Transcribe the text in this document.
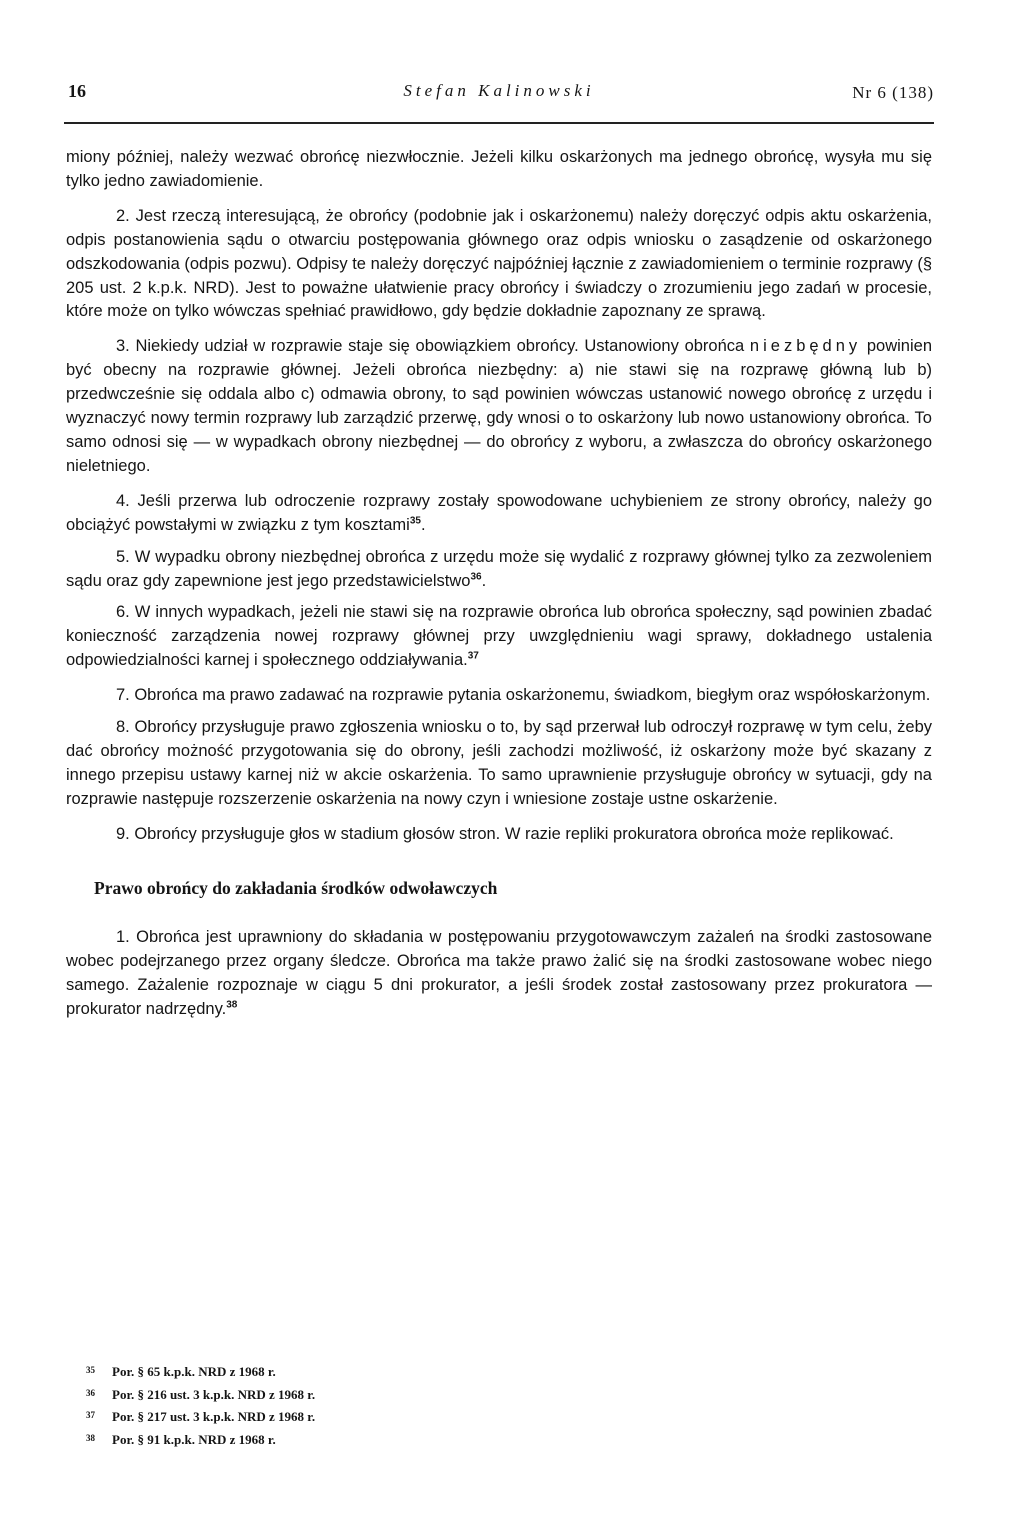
16	Stefan Kalinowski	Nr 6 (138)

miony później, należy wezwać obrońcę niezwłocznie. Jeżeli kilku oskarżonych ma jednego obrońcę, wysyła mu się tylko jedno zawiadomienie.

2. Jest rzeczą interesującą, że obrońcy (podobnie jak i oskarżonemu) należy doręczyć odpis aktu oskarżenia, odpis postanowienia sądu o otwarciu postępowania głównego oraz odpis wniosku o zasądzenie od oskarżonego odszkodowania (odpis pozwu). Odpisy te należy doręczyć najpóźniej łącznie z zawiadomieniem o terminie rozprawy (§ 205 ust. 2 k.p.k. NRD). Jest to poważne ułatwienie pracy obrońcy i świadczy o zrozumieniu jego zadań w procesie, które może on tylko wówczas spełniać prawidłowo, gdy będzie dokładnie zapoznany ze sprawą.

3. Niekiedy udział w rozprawie staje się obowiązkiem obrońcy. Ustanowiony obrońca niezbędny powinien być obecny na rozprawie głównej. Jeżeli obrońca niezbędny: a) nie stawi się na rozprawę główną lub b) przedwcześnie się oddala albo c) odmawia obrony, to sąd powinien wówczas ustanowić nowego obrońcę z urzędu i wyznaczyć nowy termin rozprawy lub zarządzić przerwę, gdy wnosi o to oskarżony lub nowo ustanowiony obrońca. To samo odnosi się — w wypadkach obrony niezbędnej — do obrońcy z wyboru, a zwłaszcza do obrońcy oskarżonego nieletniego.

4. Jeśli przerwa lub odroczenie rozprawy zostały spowodowane uchybieniem ze strony obrońcy, należy go obciążyć powstałymi w związku z tym kosztami$^{35}$.

5. W wypadku obrony niezbędnej obrońca z urzędu może się wydalić z rozprawy głównej tylko za zezwoleniem sądu oraz gdy zapewnione jest jego przedstawicielstwo$^{36}$.

6. W innych wypadkach, jeżeli nie stawi się na rozprawie obrońca lub obrońca społeczny, sąd powinien zbadać konieczność zarządzenia nowej rozprawy głównej przy uwzględnieniu wagi sprawy, dokładnego ustalenia odpowiedzialności karnej i społecznego oddziaływania.$^{37}$

7. Obrońca ma prawo zadawać na rozprawie pytania oskarżonemu, świadkom, biegłym oraz współoskarżonym.

8. Obrońcy przysługuje prawo zgłoszenia wniosku o to, by sąd przerwał lub odroczył rozprawę w tym celu, żeby dać obrońcy możność przygotowania się do obrony, jeśli zachodzi możliwość, iż oskarżony może być skazany z innego przepisu ustawy karnej niż w akcie oskarżenia. To samo uprawnienie przysługuje obrońcy w sytuacji, gdy na rozprawie następuje rozszerzenie oskarżenia na nowy czyn i wniesione zostaje ustne oskarżenie.

9. Obrońcy przysługuje głos w stadium głosów stron. W razie repliki prokuratora obrońca może replikować.

Prawo obrońcy do zakładania środków odwoławczych

1. Obrońca jest uprawniony do składania w postępowaniu przygotowawczym zażaleń na środki zastosowane wobec podejrzanego przez organy śledcze. Obrońca ma także prawo żalić się na środki zastosowane wobec niego samego. Zażalenie rozpoznaje w ciągu 5 dni prokurator, a jeśli środek został zastosowany przez prokuratora — prokurator nadrzędny.$^{38}$

35 Por. § 65 k.p.k. NRD z 1968 r.
36 Por. § 216 ust. 3 k.p.k. NRD z 1968 r.
37 Por. § 217 ust. 3 k.p.k. NRD z 1968 r.
38 Por. § 91 k.p.k. NRD z 1968 r.
